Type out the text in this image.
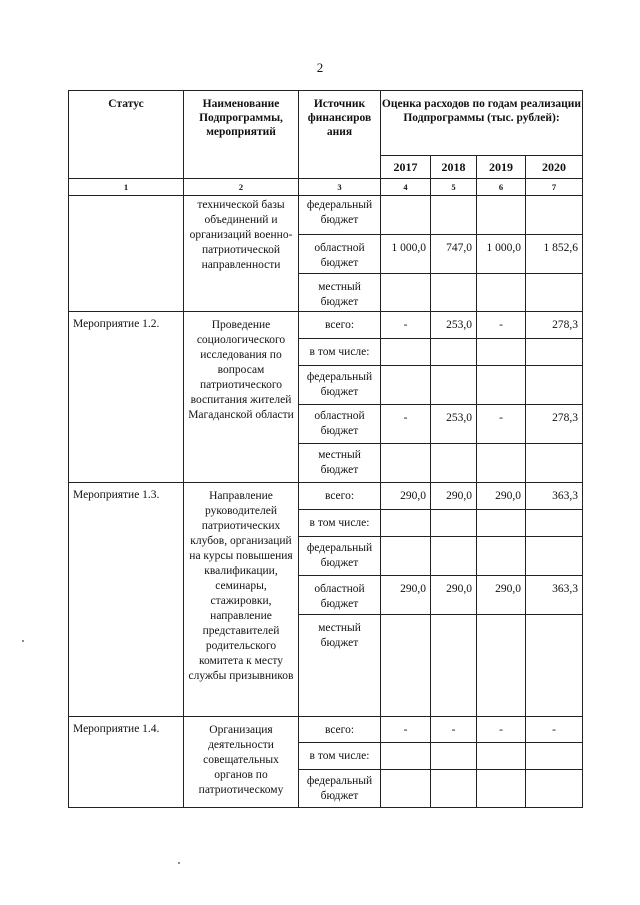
2
Статус	Наименование Подпрограммы, мероприятий	Источник финансиров ания	Оценка расходов по годам реализации Подпрограммы (тыс. рублей):			
			2017	2018	2019	2020
1	2	3	4	5	6	7
	технической базы объединений и организаций военно-патриотической направленности	федеральный бюджет				
		областной бюджет	1 000,0	747,0	1 000,0	1 852,6
		местный бюджет				
Мероприятие 1.2.	Проведение социологического исследования по вопросам патриотического воспитания жителей Магаданской области	всего:	-	253,0	-	278,3
		в том числе:				
		федеральный бюджет				
		областной бюджет	-	253,0	-	278,3
		местный бюджет				
Мероприятие 1.3.	Направление руководителей патриотических клубов, организаций на курсы повышения квалификации, семинары, стажировки, направление представителей родительского комитета к месту службы призывников	всего:	290,0	290,0	290,0	363,3
		в том числе:				
		федеральный бюджет				
		областной бюджет	290,0	290,0	290,0	363,3
		местный бюджет				
Мероприятие 1.4.	Организация деятельности совещательных органов по патриотическому	всего:	-	-	-	-
		в том числе:				
		федеральный бюджет				
